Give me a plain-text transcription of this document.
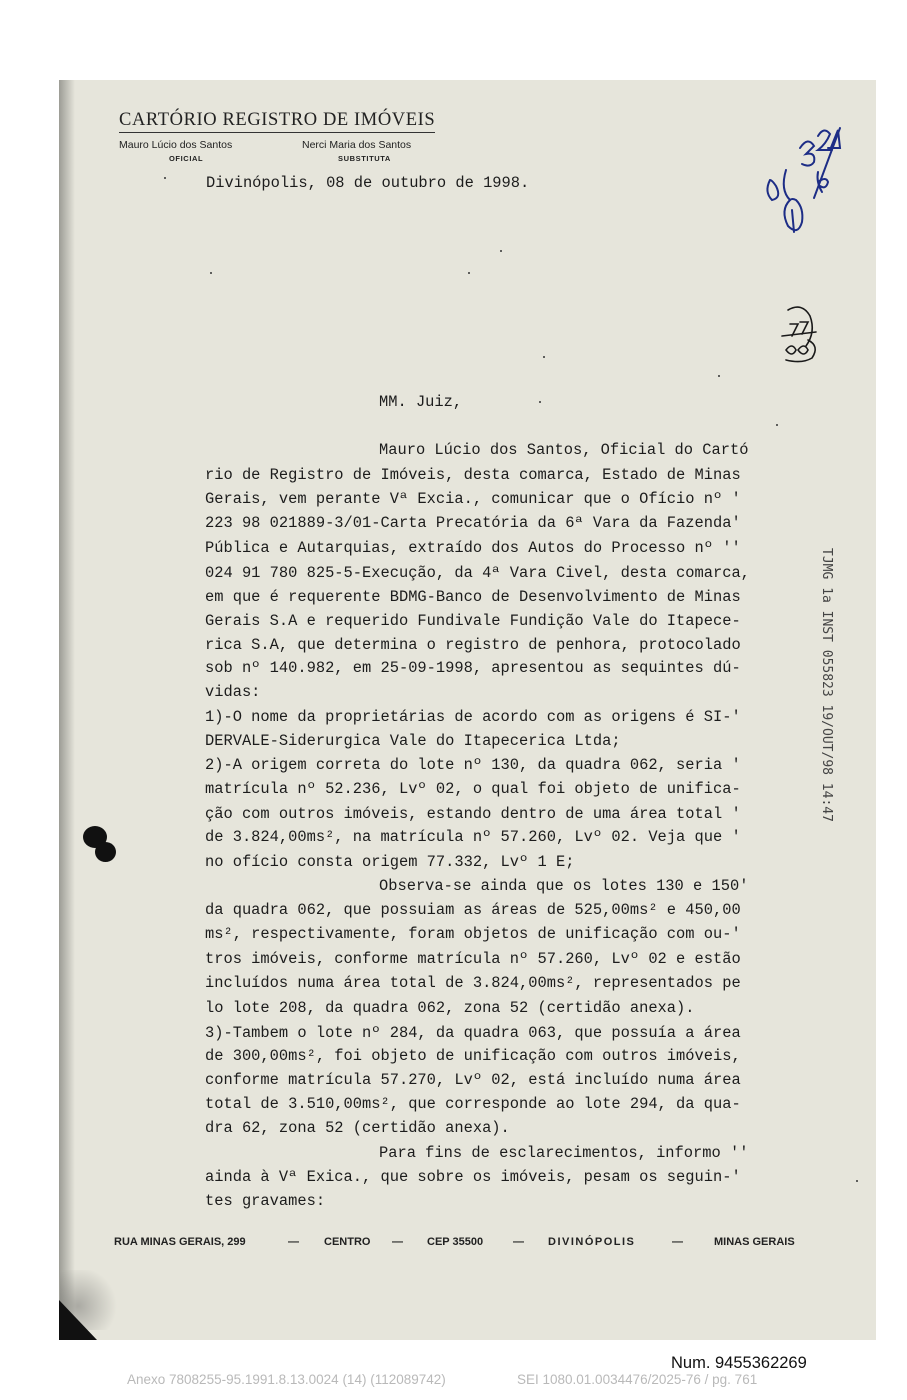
CARTÓRIO REGISTRO DE IMÓVEIS
Mauro Lúcio dos Santos
OFICIAL
Nerci Maria dos Santos
SUBSTITUTA
Divinópolis, 08 de outubro de 1998.
MM. Juiz,
Mauro Lúcio dos Santos, Oficial do Cartó
rio de Registro de Imóveis, desta comarca, Estado de Minas
Gerais, vem perante Vª Excia., comunicar que o Ofício nº '
223 98 021889-3/01-Carta Precatória da 6ª Vara da Fazenda'
Pública e Autarquias, extraído dos Autos do Processo nº ''
024 91 780 825-5-Execução, da 4ª Vara Civel, desta comarca,
em que é requerente BDMG-Banco de Desenvolvimento de Minas
Gerais S.A e requerido Fundivale Fundição Vale do Itapece-
rica S.A, que determina o registro de penhora, protocolado
sob nº 140.982, em 25-09-1998, apresentou as sequintes dú-
vidas:
1)-O nome da proprietárias de acordo com as origens é SI-'
DERVALE-Siderurgica Vale do Itapecerica Ltda;
2)-A origem correta do lote nº 130, da quadra 062, seria '
matrícula nº 52.236, Lvº 02, o qual foi objeto de unifica-
ção com outros imóveis, estando dentro de uma área total '
de 3.824,00ms², na matrícula nº 57.260, Lvº 02. Veja que '
no ofício consta origem 77.332, Lvº 1 E;
Observa-se ainda que os lotes 130 e 150'
da quadra 062, que possuiam as áreas de 525,00ms² e 450,00
ms², respectivamente, foram objetos de unificação com ou-'
tros imóveis, conforme matrícula nº 57.260, Lvº 02 e estão
incluídos numa área total de 3.824,00ms², representados pe
lo lote 208, da quadra 062, zona 52 (certidão anexa).
3)-Tambem o lote nº 284, da quadra 063, que possuía a área
de 300,00ms², foi objeto de unificação com outros imóveis,
conforme matrícula 57.270, Lvº 02, está incluído numa área
total de 3.510,00ms², que corresponde ao lote 294, da qua-
dra 62, zona 52 (certidão anexa).
Para fins de esclarecimentos, informo ''
ainda à Vª Exica., que sobre os imóveis, pesam os seguin-'
tes gravames:
RUA MINAS GERAIS, 299	— CENTRO — CEP 35500	— DIVINÓPOLIS	—	MINAS GERAIS
TJMG 1a INST 055823 19/OUT/98 14:47
Num. 9455362269
Anexo 7808255-95.1991.8.13.0024 (14) (112089742)	SEI 1080.01.0034476/2025-76 / pg. 761
